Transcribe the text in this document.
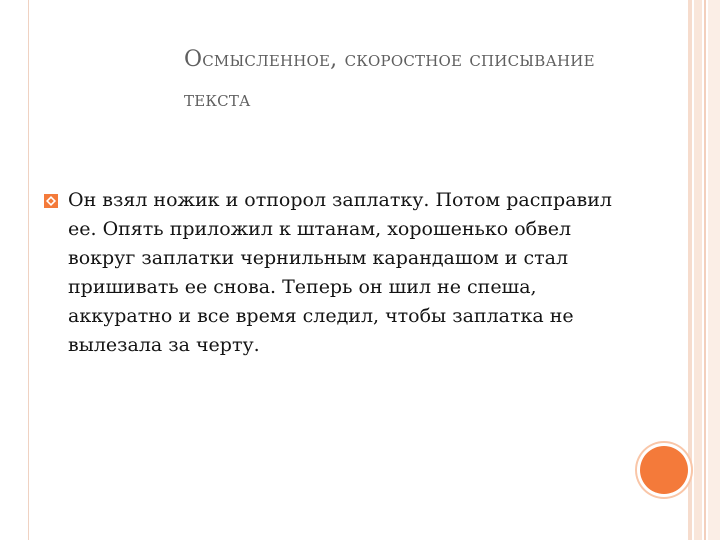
Осмысленное, скоростное списывание
текста
Он взял ножик и отпорол заплатку. Потом расправил ее. Опять приложил к штанам, хорошенько обвел вокруг заплатки чернильным карандашом и стал пришивать ее снова. Теперь он шил не спеша, аккуратно и все время следил, чтобы заплатка не вылезала за черту.
